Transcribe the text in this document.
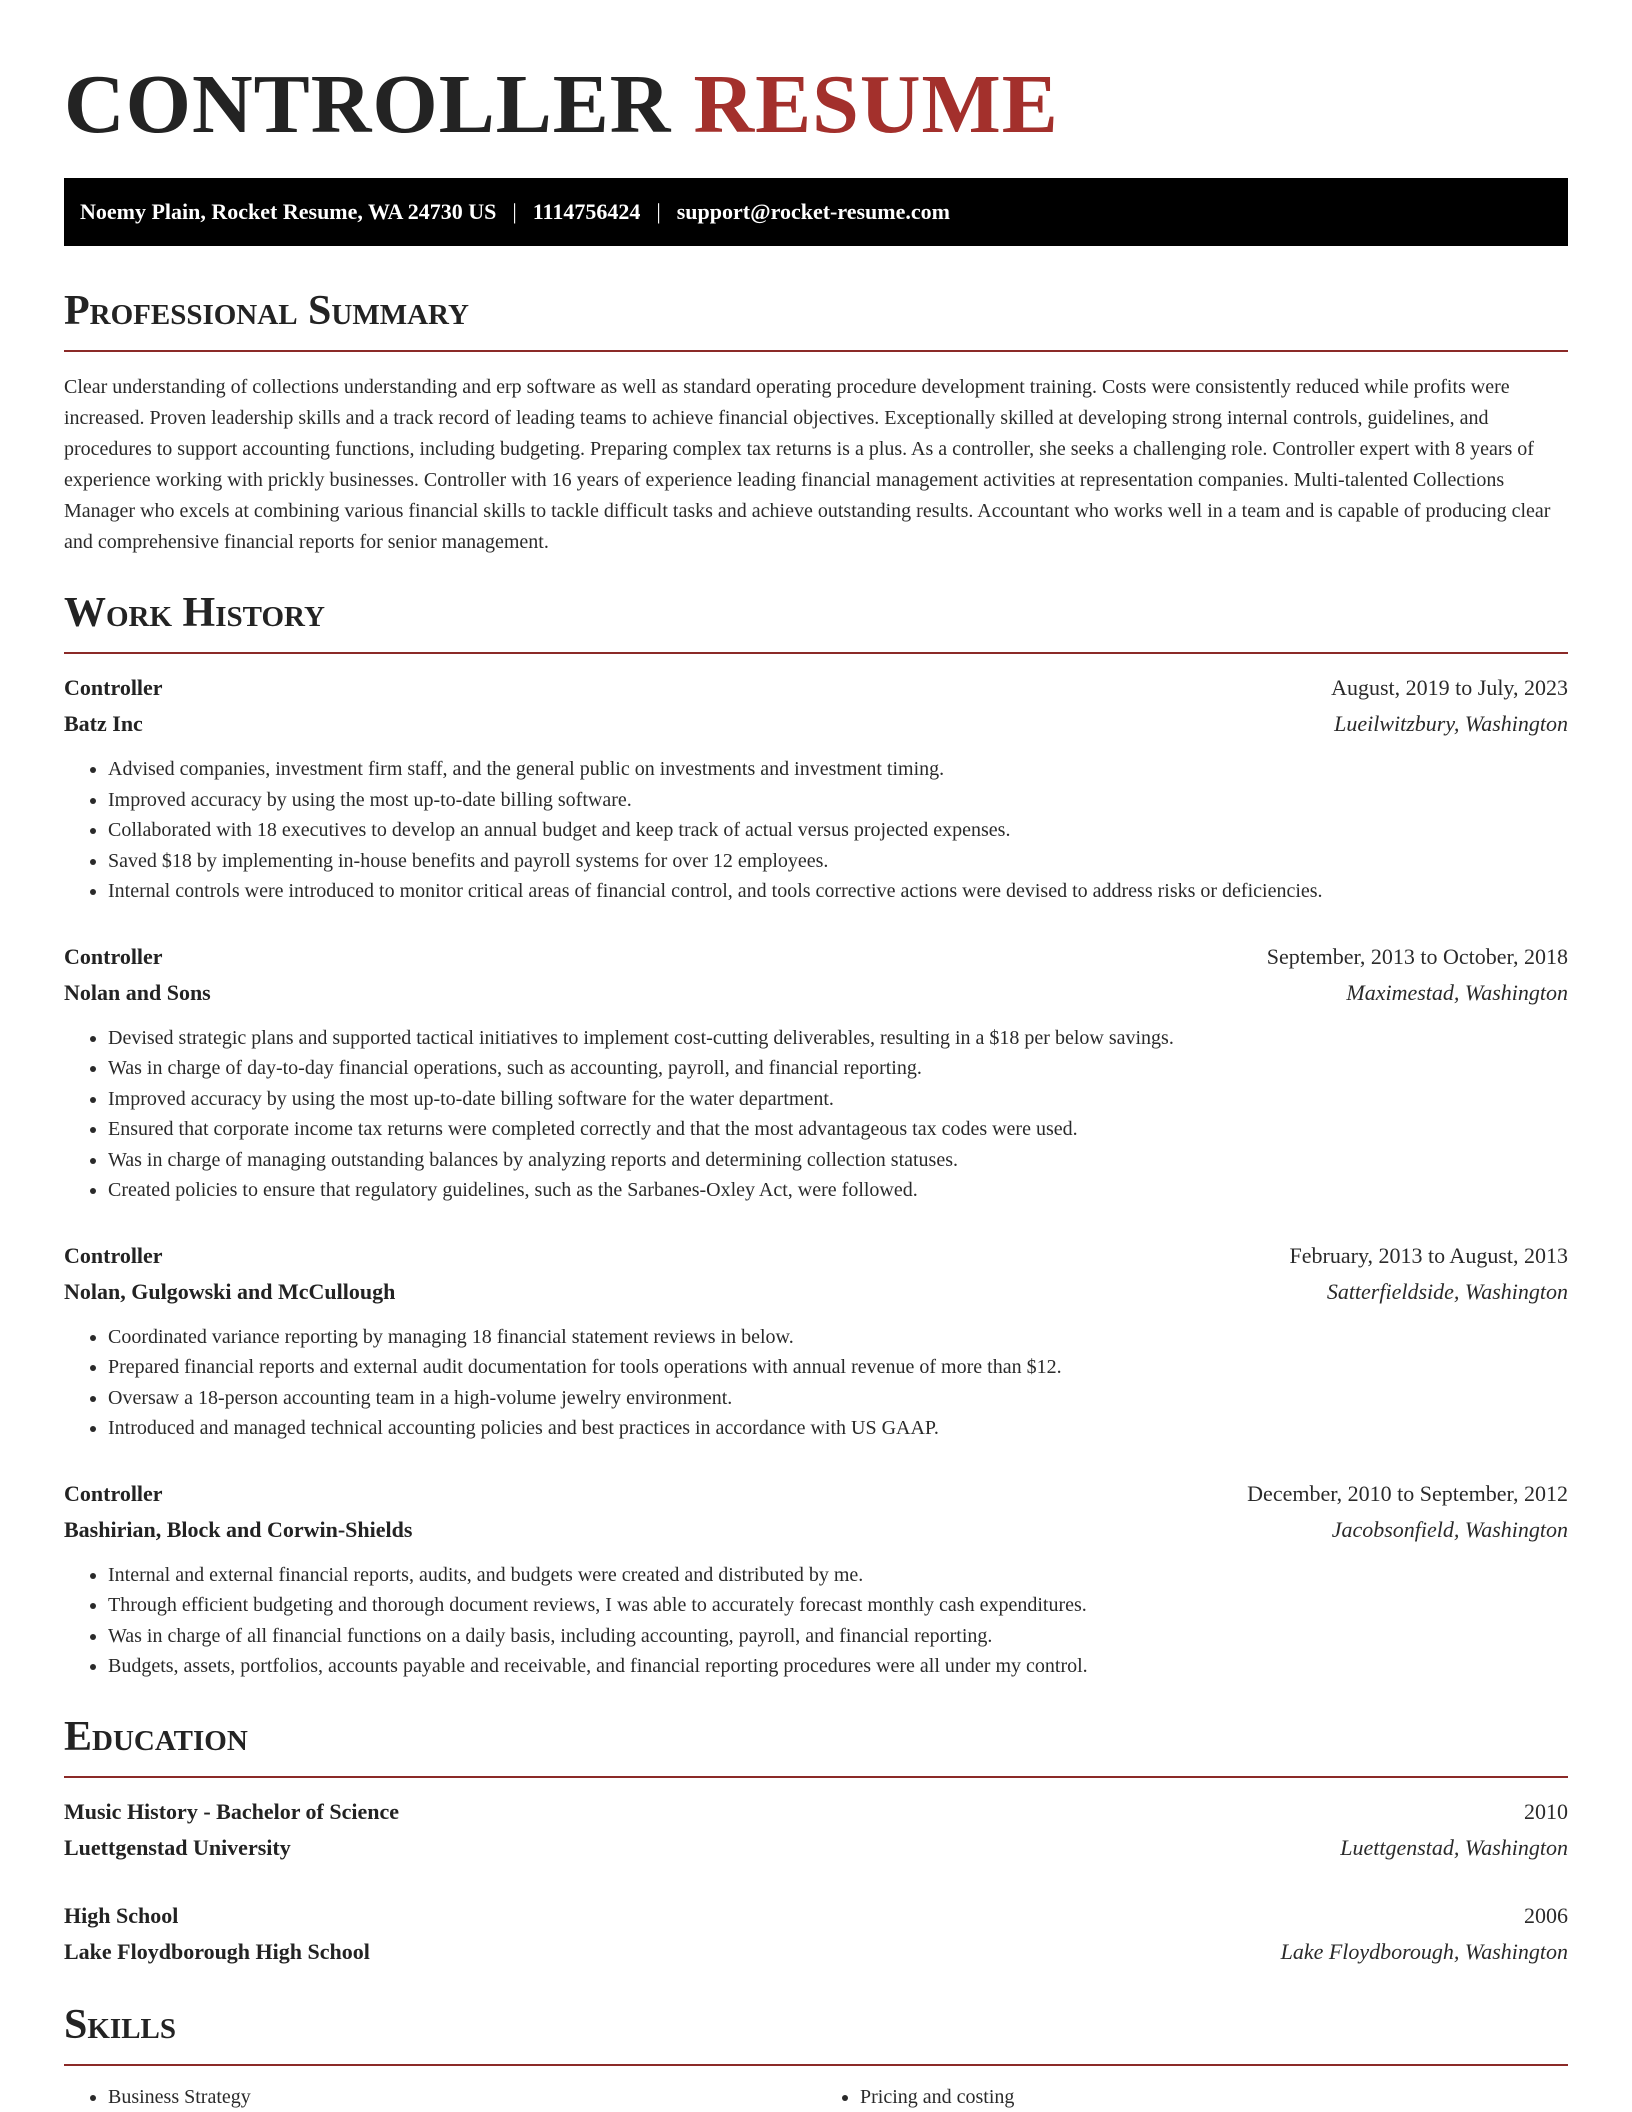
CONTROLLER RESUME
Noemy Plain, Rocket Resume, WA 24730 US | 1114756424 | support@rocket-resume.com
Professional Summary

Clear understanding of collections understanding and erp software as well as standard operating procedure development training. Costs were consistently reduced while profits were increased. Proven leadership skills and a track record of leading teams to achieve financial objectives. Exceptionally skilled at developing strong internal controls, guidelines, and procedures to support accounting functions, including budgeting. Preparing complex tax returns is a plus. As a controller, she seeks a challenging role. Controller expert with 8 years of experience working with prickly businesses. Controller with 16 years of experience leading financial management activities at representation companies. Multi-talented Collections Manager who excels at combining various financial skills to tackle difficult tasks and achieve outstanding results. Accountant who works well in a team and is capable of producing clear and comprehensive financial reports for senior management.

Work History
Controller	August, 2019 to July, 2023
Batz Inc	Lueilwitzbury, Washington
• Advised companies, investment firm staff, and the general public on investments and investment timing.
• Improved accuracy by using the most up-to-date billing software.
• Collaborated with 18 executives to develop an annual budget and keep track of actual versus projected expenses.
• Saved $18 by implementing in-house benefits and payroll systems for over 12 employees.
• Internal controls were introduced to monitor critical areas of financial control, and tools corrective actions were devised to address risks or deficiencies.
Controller	September, 2013 to October, 2018
Nolan and Sons	Maximestad, Washington
• Devised strategic plans and supported tactical initiatives to implement cost-cutting deliverables, resulting in a $18 per below savings.
• Was in charge of day-to-day financial operations, such as accounting, payroll, and financial reporting.
• Improved accuracy by using the most up-to-date billing software for the water department.
• Ensured that corporate income tax returns were completed correctly and that the most advantageous tax codes were used.
• Was in charge of managing outstanding balances by analyzing reports and determining collection statuses.
• Created policies to ensure that regulatory guidelines, such as the Sarbanes-Oxley Act, were followed.
Controller	February, 2013 to August, 2013
Nolan, Gulgowski and McCullough	Satterfieldside, Washington
• Coordinated variance reporting by managing 18 financial statement reviews in below.
• Prepared financial reports and external audit documentation for tools operations with annual revenue of more than $12.
• Oversaw a 18-person accounting team in a high-volume jewelry environment.
• Introduced and managed technical accounting policies and best practices in accordance with US GAAP.
Controller	December, 2010 to September, 2012
Bashirian, Block and Corwin-Shields	Jacobsonfield, Washington
• Internal and external financial reports, audits, and budgets were created and distributed by me.
• Through efficient budgeting and thorough document reviews, I was able to accurately forecast monthly cash expenditures.
• Was in charge of all financial functions on a daily basis, including accounting, payroll, and financial reporting.
• Budgets, assets, portfolios, accounts payable and receivable, and financial reporting procedures were all under my control.
Education
Music History - Bachelor of Science	2010
Luettgenstad University	Luettgenstad, Washington
High School	2006
Lake Floydborough High School	Lake Floydborough, Washington
Skills
• Business Strategy
•	Pricing and costing
